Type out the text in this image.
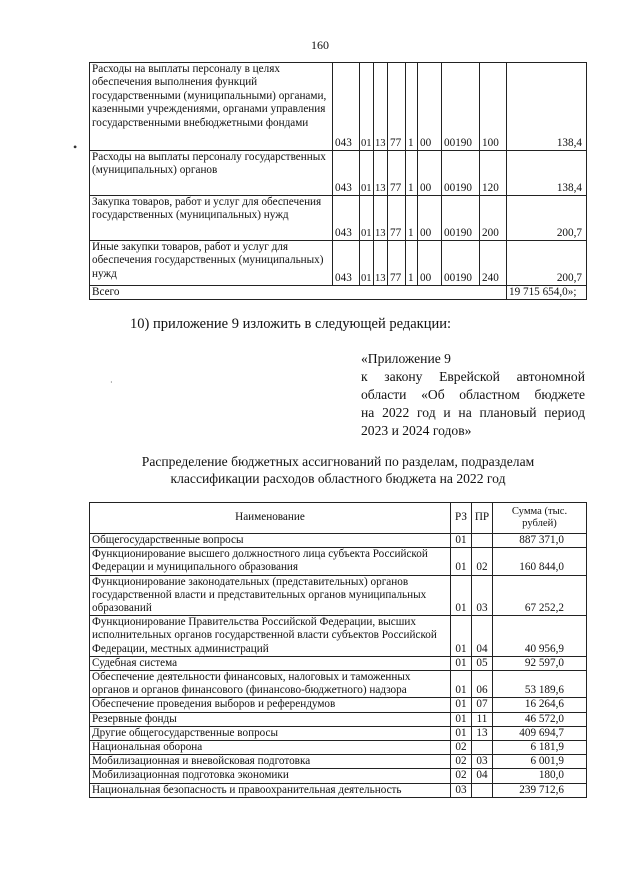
160
Расходы на выплаты персоналу в целях обеспечения выполнения функций государственными (муниципальными) органами, казенными учреждениями, органами управления государственными внебюджетными фондами	043	01	13	77	1	00	00190	100	138,4
Расходы на выплаты персоналу государственных (муниципальных) органов	043	01	13	77	1	00	00190	120	138,4
Закупка товаров, работ и услуг для обеспечения государственных (муниципальных) нужд	043	01	13	77	1	00	00190	200	200,7
Иные закупки товаров, работ и услуг для обеспечения государственных (муниципальных) нужд	043	01	13	77	1	00	00190	240	200,7
Всего									19 715 654,0»;
10) приложение 9 изложить в следующей редакции:
«Приложение 9
к закону Еврейской автономной
области «Об областном бюджете
на 2022 год и на плановый период
2023 и 2024 годов»
Распределение бюджетных ассигнований по разделам, подразделам
классификации расходов областного бюджета на 2022 год
Наименование	РЗ	ПР	Сумма (тыс. рублей)
Общегосударственные вопросы	01		887 371,0
Функционирование высшего должностного лица субъекта Российской Федерации и муниципального образования	01	02	160 844,0
Функционирование законодательных (представительных) органов государственной власти и представительных органов муниципальных образований	01	03	67 252,2
Функционирование Правительства Российской Федерации, высших исполнительных органов государственной власти субъектов Российской Федерации, местных администраций	01	04	40 956,9
Судебная система	01	05	92 597,0
Обеспечение деятельности финансовых, налоговых и таможенных органов и органов финансового (финансово-бюджетного) надзора	01	06	53 189,6
Обеспечение проведения выборов и референдумов	01	07	16 264,6
Резервные фонды	01	11	46 572,0
Другие общегосударственные вопросы	01	13	409 694,7
Национальная оборона	02		6 181,9
Мобилизационная и вневойсковая подготовка	02	03	6 001,9
Мобилизационная подготовка экономики	02	04	180,0
Национальная безопасность и правоохранительная деятельность	03		239 712,6
•
·
